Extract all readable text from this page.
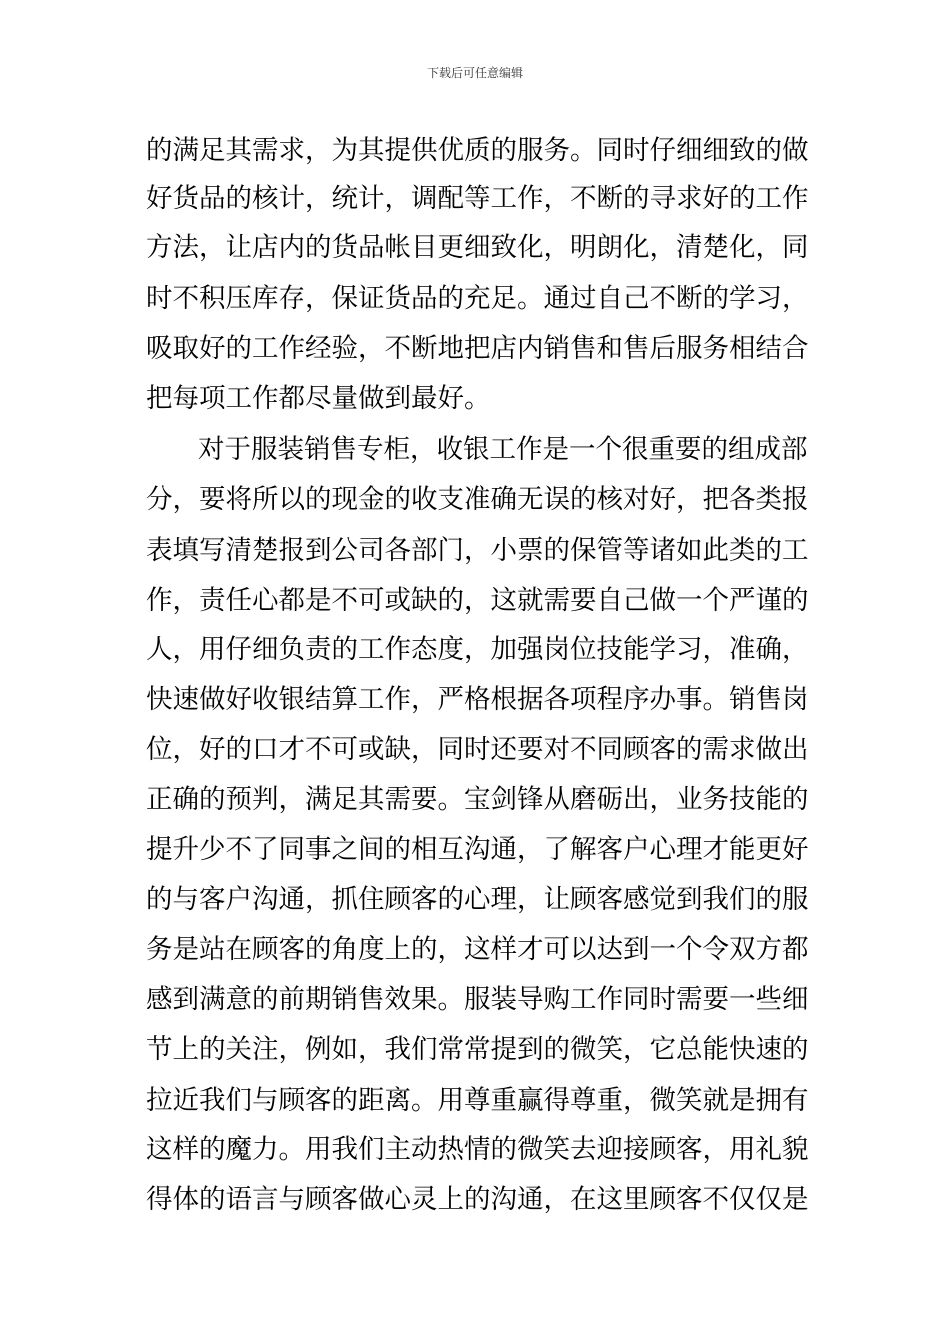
下载后可任意编辑
的满足其需求，为其提供优质的服务。同时仔细细致的做
好货品的核计，统计，调配等工作，不断的寻求好的工作
方法，让店内的货品帐目更细致化，明朗化，清楚化，同
时不积压库存，保证货品的充足。通过自己不断的学习，
吸取好的工作经验，不断地把店内销售和售后服务相结合
把每项工作都尽量做到最好。
对于服装销售专柜，收银工作是一个很重要的组成部
分，要将所以的现金的收支准确无误的核对好，把各类报
表填写清楚报到公司各部门，小票的保管等诸如此类的工
作，责任心都是不可或缺的，这就需要自己做一个严谨的
人，用仔细负责的工作态度，加强岗位技能学习，准确，
快速做好收银结算工作，严格根据各项程序办事。销售岗
位，好的口才不可或缺，同时还要对不同顾客的需求做出
正确的预判，满足其需要。宝剑锋从磨砺出，业务技能的
提升少不了同事之间的相互沟通，了解客户心理才能更好
的与客户沟通，抓住顾客的心理，让顾客感觉到我们的服
务是站在顾客的角度上的，这样才可以达到一个令双方都
感到满意的前期销售效果。服装导购工作同时需要一些细
节上的关注，例如，我们常常提到的微笑，它总能快速的
拉近我们与顾客的距离。用尊重赢得尊重，微笑就是拥有
这样的魔力。用我们主动热情的微笑去迎接顾客，用礼貌
得体的语言与顾客做心灵上的沟通，在这里顾客不仅仅是
